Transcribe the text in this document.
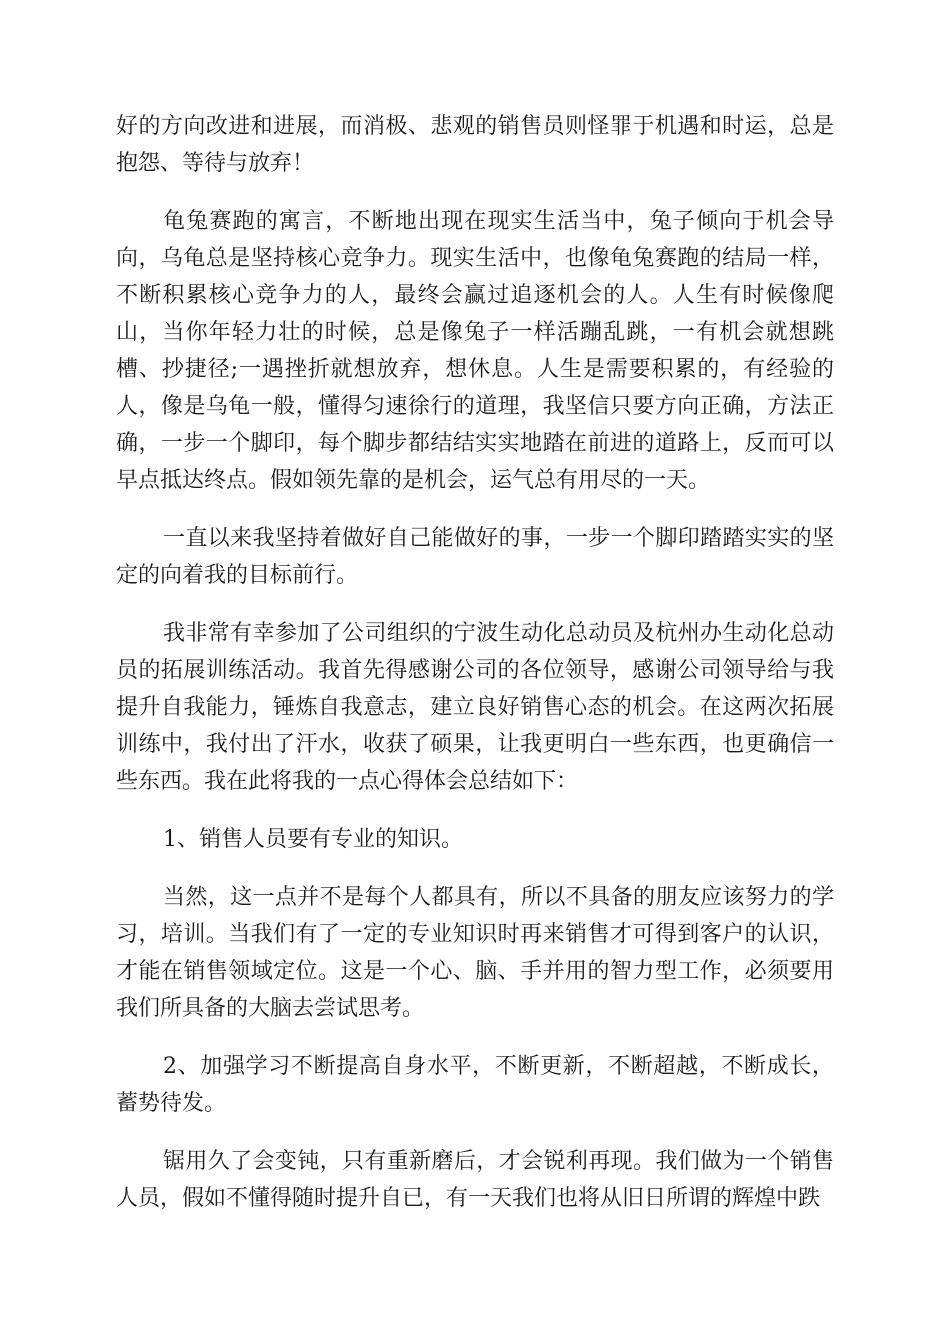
好的方向改进和进展，而消极、悲观的销售员则怪罪于机遇和时运，总是抱怨、等待与放弃！

龟兔赛跑的寓言，不断地出现在现实生活当中，兔子倾向于机会导向，乌龟总是坚持核心竞争力。现实生活中，也像龟兔赛跑的结局一样，不断积累核心竞争力的人，最终会赢过追逐机会的人。人生有时候像爬山，当你年轻力壮的时候，总是像兔子一样活蹦乱跳，一有机会就想跳槽、抄捷径;一遇挫折就想放弃，想休息。人生是需要积累的，有经验的人，像是乌龟一般，懂得匀速徐行的道理，我坚信只要方向正确，方法正确，一步一个脚印，每个脚步都结结实实地踏在前进的道路上，反而可以早点抵达终点。假如领先靠的是机会，运气总有用尽的一天。

一直以来我坚持着做好自己能做好的事，一步一个脚印踏踏实实的坚定的向着我的目标前行。

我非常有幸参加了公司组织的宁波生动化总动员及杭州办生动化总动员的拓展训练活动。我首先得感谢公司的各位领导，感谢公司领导给与我提升自我能力，锤炼自我意志，建立良好销售心态的机会。在这两次拓展训练中，我付出了汗水，收获了硕果，让我更明白一些东西，也更确信一些东西。我在此将我的一点心得体会总结如下：

1、销售人员要有专业的知识。

当然，这一点并不是每个人都具有，所以不具备的朋友应该努力的学习，培训。当我们有了一定的专业知识时再来销售才可得到客户的认识，才能在销售领域定位。这是一个心、脑、手并用的智力型工作，必须要用我们所具备的大脑去尝试思考。

2、加强学习不断提高自身水平，不断更新，不断超越，不断成长，蓄势待发。

锯用久了会变钝，只有重新磨后，才会锐利再现。我们做为一个销售人员，假如不懂得随时提升自已，有一天我们也将从旧日所谓的辉煌中跌
